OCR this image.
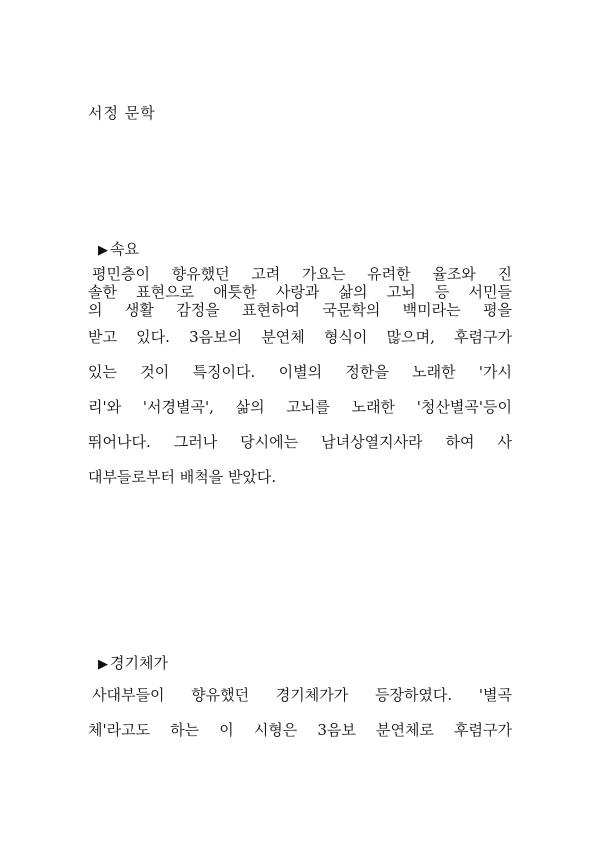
서정 문학
▶ 속요
평민층이 향유했던 고려 가요는 유려한 율조와 진
솔한 표현으로 애틋한 사랑과 삶의 고뇌 등 서민들
의 생활 감정을 표현하여 국문학의 백미라는 평을
받고 있다. 3음보의 분연체 형식이 많으며, 후렴구가
있는 것이 특징이다. 이별의 정한을 노래한 '가시
리'와 '서경별곡', 삶의 고뇌를 노래한 '청산별곡'등이
뛰어나다. 그러나 당시에는 남녀상열지사라 하여 사
대부들로부터 배척을 받았다.
▶ 경기체가
사대부들이 향유했던 경기체가가 등장하였다. '별곡
체'라고도 하는 이 시형은 3음보 분연체로 후렴구가
